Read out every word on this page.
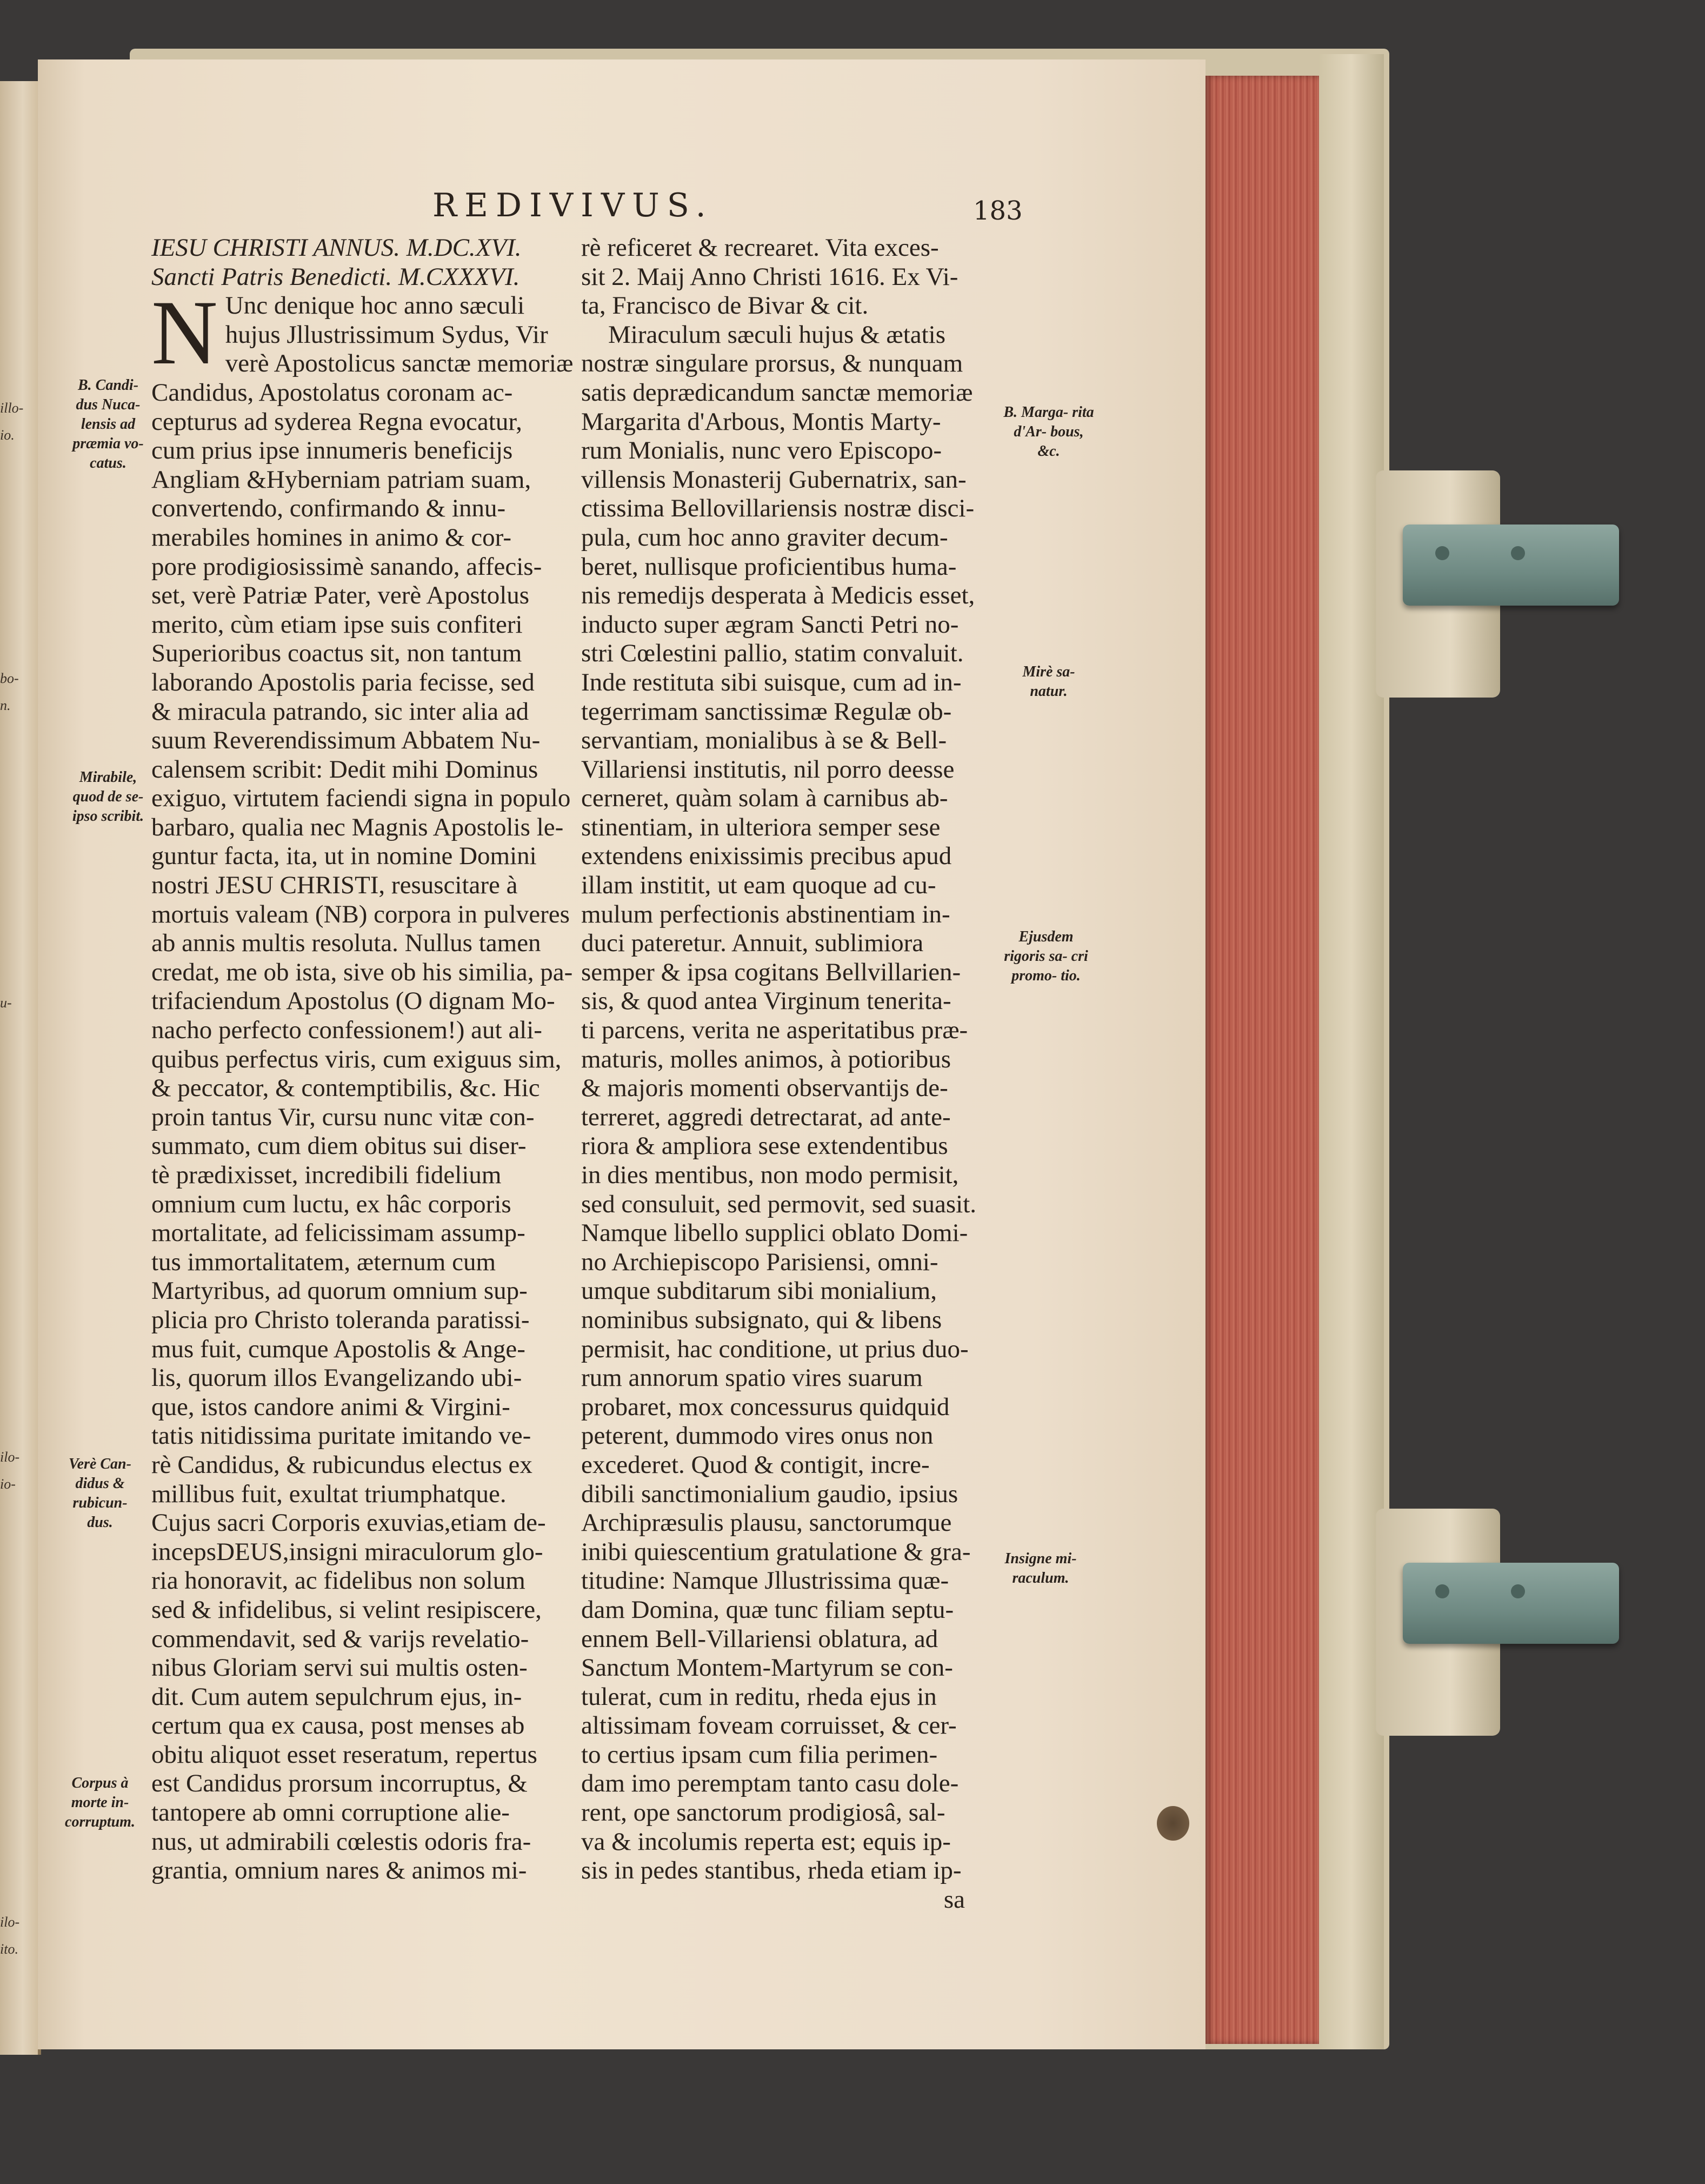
illo-
io.
bo-
n.
u-
ilo-
io-
ilo-
ito.
REDIVIVUS.	183
IESU CHRISTI ANNUS. M.DC.XVI.
Sancti Patris Benedicti. M.CXXXVI.
N Unc denique hoc anno sæculi
hujus Jllustrissimum Sydus, Vir
verè Apostolicus sanctæ memoriæ
Candidus, Apostolatus coronam ac-
cepturus ad syderea Regna evocatur,
cum prius ipse innumeris beneficijs
Angliam &Hyberniam patriam suam,
convertendo, confirmando & innu-
merabiles homines in animo & cor-
pore prodigiosissimè sanando, affecis-
set, verè Patriæ Pater, verè Apostolus
merito, cùm etiam ipse suis confiteri
Superioribus coactus sit, non tantum
laborando Apostolis paria fecisse, sed
& miracula patrando, sic inter alia ad
suum Reverendissimum Abbatem Nu-
calensem scribit: Dedit mihi Dominus
exiguo, virtutem faciendi signa in populo
barbaro, qualia nec Magnis Apostolis le-
guntur facta, ita, ut in nomine Domini
nostri JESU CHRISTI, resuscitare à
mortuis valeam (NB) corpora in pulveres
ab annis multis resoluta. Nullus tamen
credat, me ob ista, sive ob his similia, pa-
trifaciendum Apostolus (O dignam Mo-
nacho perfecto confessionem!) aut ali-
quibus perfectus viris, cum exiguus sim,
& peccator, & contemptibilis, &c. Hic
proin tantus Vir, cursu nunc vitæ con-
summato, cum diem obitus sui diser-
tè prædixisset, incredibili fidelium
omnium cum luctu, ex hâc corporis
mortalitate, ad felicissimam assump-
tus immortalitatem, æternum cum
Martyribus, ad quorum omnium sup-
plicia pro Christo toleranda paratissi-
mus fuit, cumque Apostolis & Ange-
lis, quorum illos Evangelizando ubi-
que, istos candore animi & Virgini-
tatis nitidissima puritate imitando ve-
rè Candidus, & rubicundus electus ex
millibus fuit, exultat triumphatque.
Cujus sacri Corporis exuvias,etiam de-
incepsDEUS,insigni miraculorum glo-
ria honoravit, ac fidelibus non solum
sed & infidelibus, si velint resipiscere,
commendavit, sed & varijs revelatio-
nibus Gloriam servi sui multis osten-
dit. Cum autem sepulchrum ejus, in-
certum qua ex causa, post menses ab
obitu aliquot esset reseratum, repertus
est Candidus prorsum incorruptus, &
tantopere ab omni corruptione alie-
nus, ut admirabili cœlestis odoris fra-
grantia, omnium nares & animos mi-
rè reficeret & recrearet. Vita exces-
sit 2. Maij Anno Christi 1616. Ex Vi-
ta, Francisco de Bivar & cit.
Miraculum sæculi hujus & ætatis
nostræ singulare prorsus, & nunquam
satis deprædicandum sanctæ memoriæ
Margarita d'Arbous, Montis Marty-
rum Monialis, nunc vero Episcopo-
villensis Monasterij Gubernatrix, san-
ctissima Bellovillariensis nostræ disci-
pula, cum hoc anno graviter decum-
beret, nullisque proficientibus huma-
nis remedijs desperata à Medicis esset,
inducto super ægram Sancti Petri no-
stri Cœlestini pallio, statim convaluit.
Inde restituta sibi suisque, cum ad in-
tegerrimam sanctissimæ Regulæ ob-
servantiam, monialibus à se & Bell-
Villariensi institutis, nil porro deesse
cerneret, quàm solam à carnibus ab-
stinentiam, in ulteriora semper sese
extendens enixissimis precibus apud
illam institit, ut eam quoque ad cu-
mulum perfectionis abstinentiam in-
duci pateretur. Annuit, sublimiora
semper & ipsa cogitans Bellvillarien-
sis, & quod antea Virginum tenerita-
ti parcens, verita ne asperitatibus præ-
maturis, molles animos, à potioribus
& majoris momenti observantijs de-
terreret, aggredi detrectarat, ad ante-
riora & ampliora sese extendentibus
in dies mentibus, non modo permisit,
sed consuluit, sed permovit, sed suasit.
Namque libello supplici oblato Domi-
no Archiepiscopo Parisiensi, omni-
umque subditarum sibi monialium,
nominibus subsignato, qui & libens
permisit, hac conditione, ut prius duo-
rum annorum spatio vires suarum
probaret, mox concessurus quidquid
peterent, dummodo vires onus non
excederet. Quod & contigit, incre-
dibili sanctimonialium gaudio, ipsius
Archipræsulis plausu, sanctorumque
inibi quiescentium gratulatione & gra-
titudine: Namque Jllustrissima quæ-
dam Domina, quæ tunc filiam septu-
ennem Bell-Villariensi oblatura, ad
Sanctum Montem-Martyrum se con-
tulerat, cum in reditu, rheda ejus in
altissimam foveam corruisset, & cer-
to certius ipsam cum filia perimen-
dam imo peremptam tanto casu dole-
rent, ope sanctorum prodigiosâ, sal-
va & incolumis reperta est; equis ip-
sis in pedes stantibus, rheda etiam ip-
sa
B. Candi- dus Nuca- lensis ad præmia vo- catus.
Mirabile, quod de se- ipso scribit.
Verè Can- didus & rubicun- dus.
Corpus à morte in- corruptum.
B. Marga- rita d'Ar- bous, &c.
Mirè sa- natur.
Ejusdem rigoris sa- cri promo- tio.
Insigne mi- raculum.
